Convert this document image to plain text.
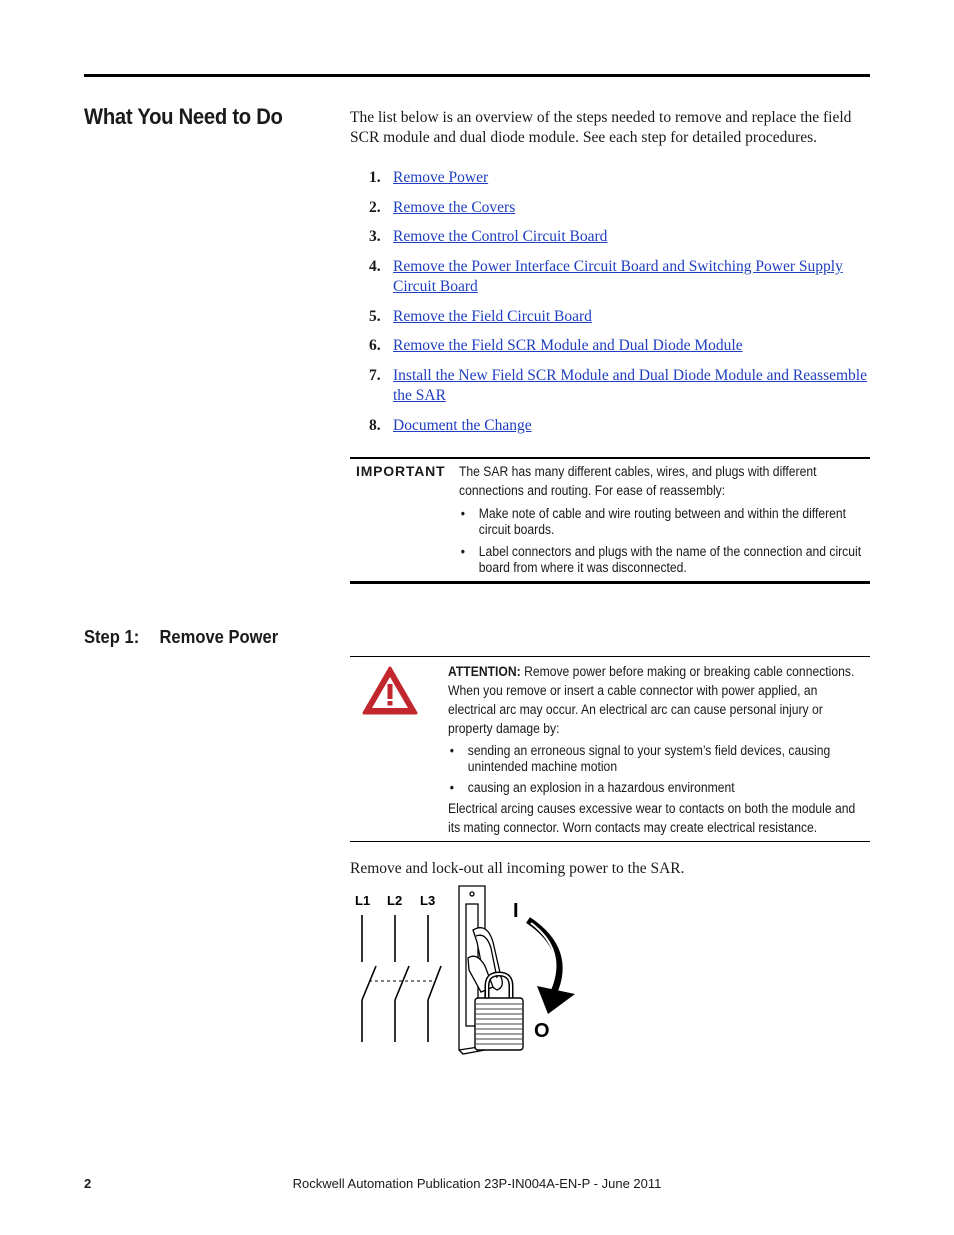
What You Need to Do	The list below is an overview of the steps needed to remove and replace the field SCR module and dual diode module. See each step for detailed procedures.
1. Remove Power
2. Remove the Covers
3. Remove the Control Circuit Board
4. Remove the Power Interface Circuit Board and Switching Power Supply Circuit Board
5. Remove the Field Circuit Board
6. Remove the Field SCR Module and Dual Diode Module
7. Install the New Field SCR Module and Dual Diode Module and Reassemble the SAR
8. Document the Change
IMPORTANT The SAR has many different cables, wires, and plugs with different connections and routing. For ease of reassembly:
• Make note of cable and wire routing between and within the different circuit boards.
• Label connectors and plugs with the name of the connection and circuit board from where it was disconnected.
Step 1: Remove Power
ATTENTION: Remove power before making or breaking cable connections. When you remove or insert a cable connector with power applied, an electrical arc may occur. An electrical arc can cause personal injury or property damage by:
• sending an erroneous signal to your system’s field devices, causing unintended machine motion
• causing an explosion in a hazardous environment
Electrical arcing causes excessive wear to contacts on both the module and its mating connector. Worn contacts may create electrical resistance.
Remove and lock-out all incoming power to the SAR.
L1 L2 L3	I
O
2	Rockwell Automation Publication 23P-IN004A-EN-P - June 2011
